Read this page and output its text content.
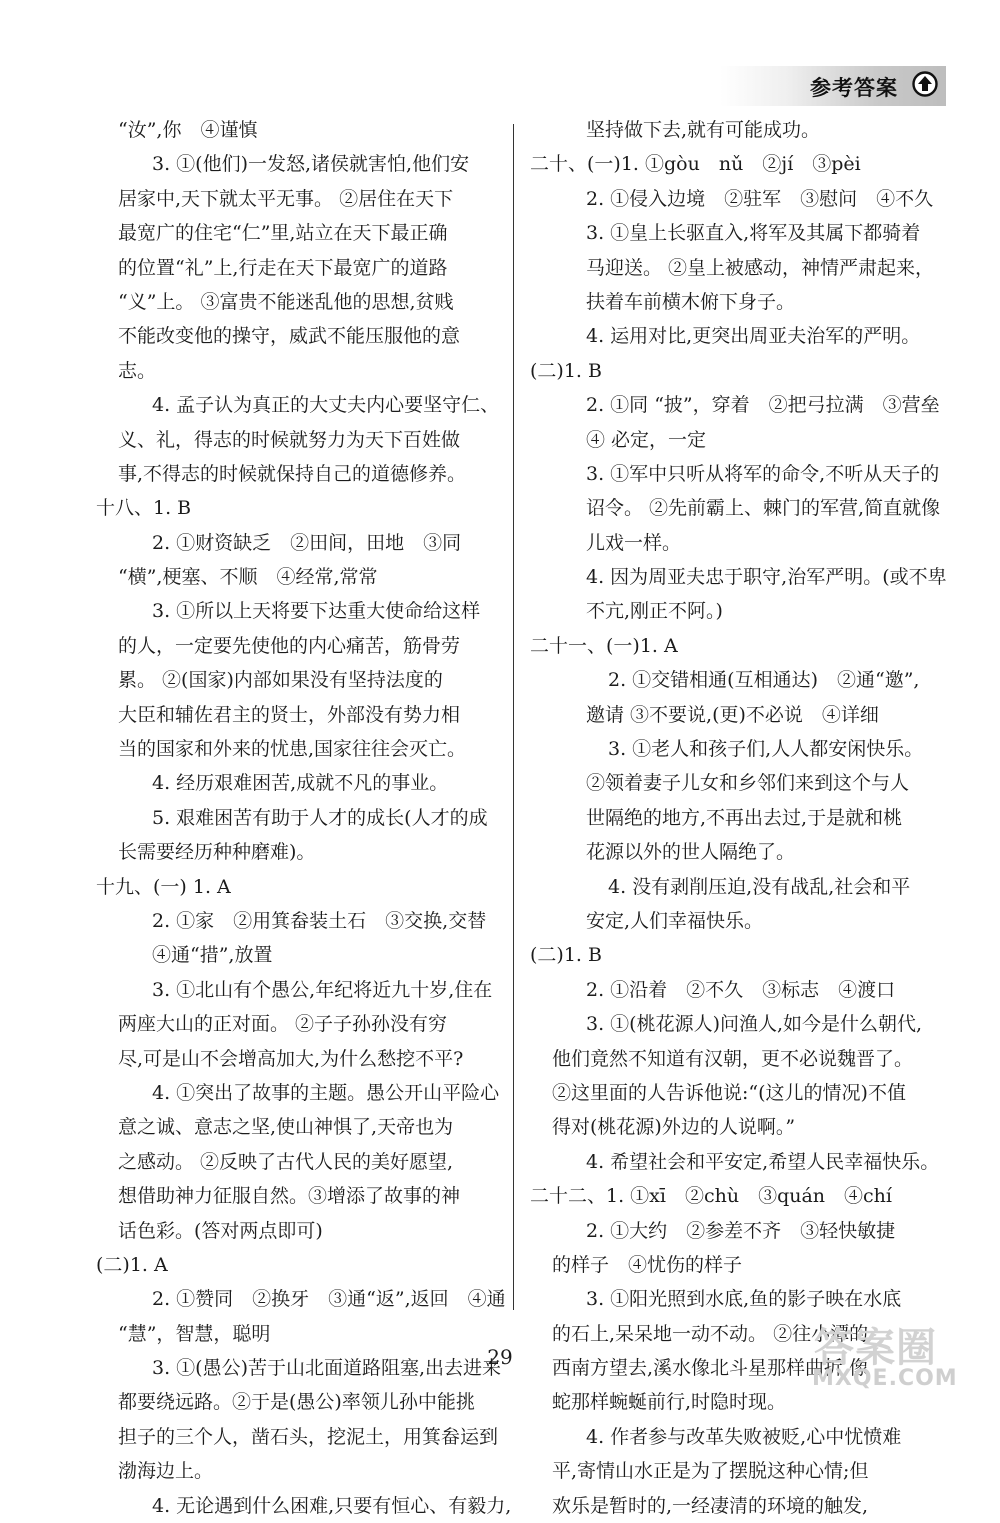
参考答案
“汝”,你　④谨慎
3. ①(他们)一发怒,诸侯就害怕,他们安
居家中,天下就太平无事。 ②居住在天下
最宽广的住宅“仁”里,站立在天下最正确
的位置“礼”上,行走在天下最宽广的道路
“义”上。 ③富贵不能迷乱他的思想,贫贱
不能改变他的操守，威武不能压服他的意
志。
4. 孟子认为真正的大丈夫内心要坚守仁、
义、礼，得志的时候就努力为天下百姓做
事,不得志的时候就保持自己的道德修养。
十八、1. B
2. ①财资缺乏　②田间，田地　③同
“横”,梗塞、不顺　④经常,常常
3. ①所以上天将要下达重大使命给这样
的人，一定要先使他的内心痛苦，筋骨劳
累。 ②(国家)内部如果没有坚持法度的
大臣和辅佐君主的贤士，外部没有势力相
当的国家和外来的忧患,国家往往会灭亡。
4. 经历艰难困苦,成就不凡的事业。
5. 艰难困苦有助于人才的成长(人才的成
长需要经历种种磨难)。
十九、(一) 1. A
2. ①家　②用箕畚装土石　③交换,交替
④通“措”,放置
3. ①北山有个愚公,年纪将近九十岁,住在
两座大山的正对面。 ②子子孙孙没有穷
尽,可是山不会增高加大,为什么愁挖不平?
4. ①突出了故事的主题。愚公开山平险心
意之诚、意志之坚,使山神惧了,天帝也为
之感动。 ②反映了古代人民的美好愿望,
想借助神力征服自然。③增添了故事的神
话色彩。(答对两点即可)
(二)1. A
2. ①赞同　②换牙　③通“返”,返回　④通
“慧”，智慧，聪明
3. ①(愚公)苦于山北面道路阻塞,出去进来
都要绕远路。②于是(愚公)率领儿孙中能挑
担子的三个人，凿石头，挖泥土，用箕畚运到
渤海边上。
4. 无论遇到什么困难,只要有恒心、有毅力,
坚持做下去,就有可能成功。
二十、(一)1. ①gòu　nǔ　②jí　③pèi
2. ①侵入边境　②驻军　③慰问　④不久
3. ①皇上长驱直入,将军及其属下都骑着
马迎送。 ②皇上被感动，神情严肃起来，
扶着车前横木俯下身子。
4. 运用对比,更突出周亚夫治军的严明。
(二)1. B
2. ①同 “披”，穿着　②把弓拉满　③营垒
④ 必定，一定
3. ①军中只听从将军的命令,不听从天子的
诏令。 ②先前霸上、棘门的军营,简直就像
儿戏一样。
4. 因为周亚夫忠于职守,治军严明。(或不卑
不亢,刚正不阿。)
二十一、(一)1. A
2. ①交错相通(互相通达)　②通“邀”,
邀请 ③不要说,(更)不必说　④详细
3. ①老人和孩子们,人人都安闲快乐。
②领着妻子儿女和乡邻们来到这个与人
世隔绝的地方,不再出去过,于是就和桃
花源以外的世人隔绝了。
4. 没有剥削压迫,没有战乱,社会和平
安定,人们幸福快乐。
(二)1. B
2. ①沿着　②不久　③标志　④渡口
3. ①(桃花源人)问渔人,如今是什么朝代,
他们竟然不知道有汉朝，更不必说魏晋了。
②这里面的人告诉他说:“(这儿的情况)不值
得对(桃花源)外边的人说啊。”
4. 希望社会和平安定,希望人民幸福快乐。
二十二、1. ①xī　②chù　③quán　④chí
2. ①大约　②参差不齐　③轻快敏捷
的样子　④忧伤的样子
3. ①阳光照到水底,鱼的影子映在水底
的石上,呆呆地一动不动。 ②往小潭的
西南方望去,溪水像北斗星那样曲折,像
蛇那样蜿蜒前行,时隐时现。
4. 作者参与改革失败被贬,心中忧愤难
平,寄情山水正是为了摆脱这种心情;但
欢乐是暂时的,一经凄清的环境的触发,
29	答案圈
MXQE.COM
